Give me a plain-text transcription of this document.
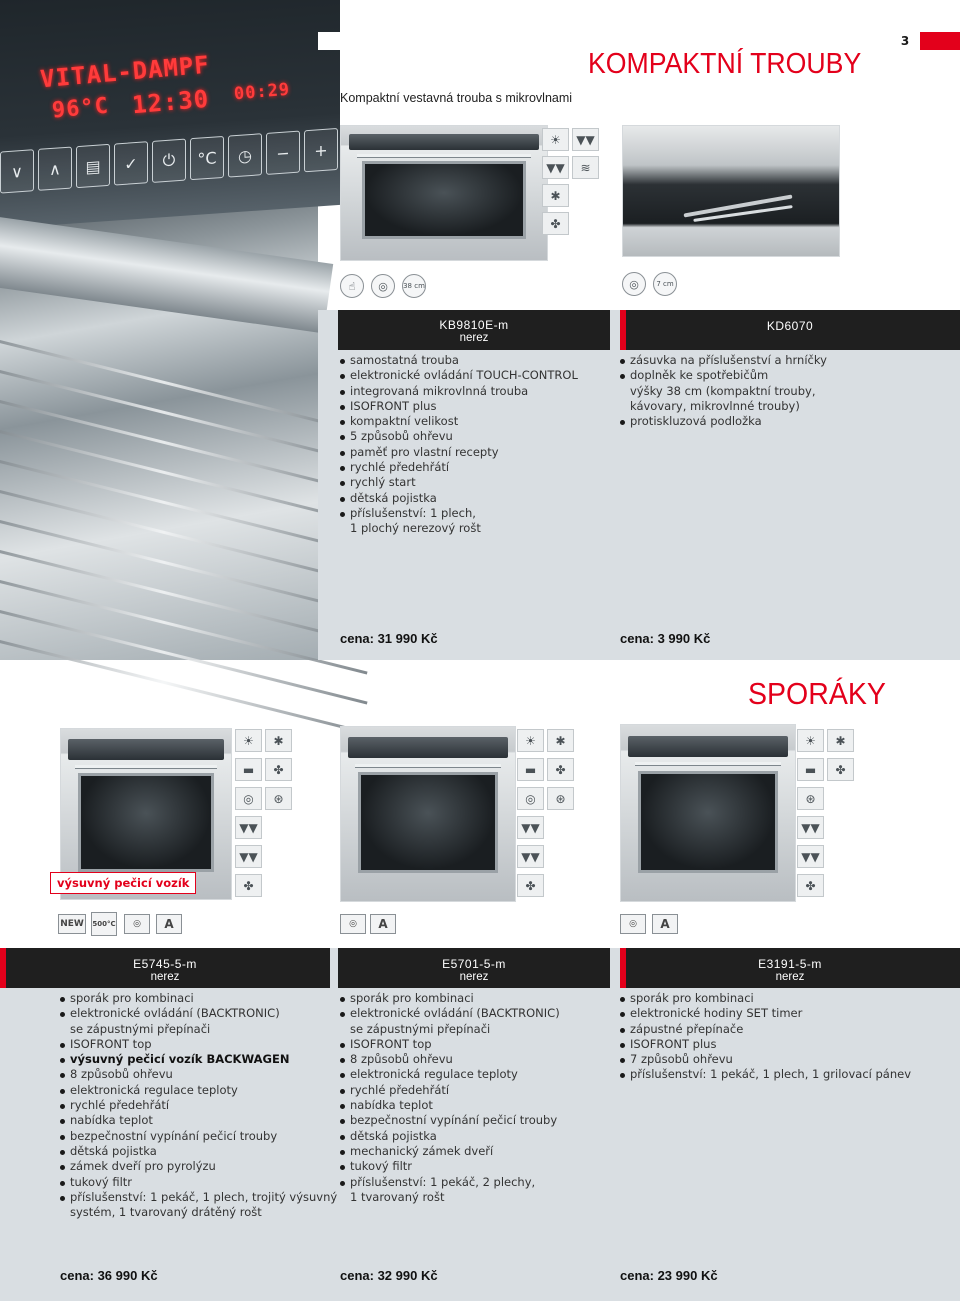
VITAL-DAMPF
96°C 12:30 00:29
∨	∧	▤	✓	⏻	°C	◷	−	+
3
KOMPAKTNÍ TROUBY
Kompaktní vestavná trouba s mikrovlnami
☀	▼▼
▼▼	≋
✱
✤
☝	◎	38 cm	◎	7 cm
KB9810E-m
nerez
KD6070
samostatná trouba
elektronické ovládání TOUCH-CONTROL
integrovaná mikrovlnná trouba
ISOFRONT plus
kompaktní velikost
5 způsobů ohřevu
paměť pro vlastní recepty
rychlé předehřátí
rychlý start
dětská pojistka
příslušenství: 1 plech,
1 plochý nerezový rošt
zásuvka na příslušenství a hrníčky
doplněk ke spotřebičům
výšky 38 cm (kompaktní trouby,
kávovary, mikrovlnné trouby)
protiskluzová podložka
cena: 31 990 Kč	cena: 3 990 Kč
SPORÁKY
výsuvný pečicí vozík
☀	✱
▬	✤
◎	⊛
▼▼
▼▼
✤
☀	✱
▬	✤
◎	⊛
▼▼
▼▼
✤
☀	✱
▬	✤
⊛
▼▼
▼▼
✤
NEW	500°C	◎	A	◎	A	◎	A
E5745-5-m
nerez
E5701-5-m
nerez
E3191-5-m
nerez
sporák pro kombinaci
elektronické ovládání (BACKTRONIC)
se zápustnými přepínači
ISOFRONT top
výsuvný pečicí vozík BACKWAGEN
8 způsobů ohřevu
elektronická regulace teploty
rychlé předehřátí
nabídka teplot
bezpečnostní vypínání pečicí trouby
dětská pojistka
zámek dveří pro pyrolýzu
tukový filtr
příslušenství: 1 pekáč, 1 plech, trojitý výsuvný
systém, 1 tvarovaný drátěný rošt
sporák pro kombinaci
elektronické ovládání (BACKTRONIC)
se zápustnými přepínači
ISOFRONT top
8 způsobů ohřevu
elektronická regulace teploty
rychlé předehřátí
nabídka teplot
bezpečnostní vypínání pečicí trouby
dětská pojistka
mechanický zámek dveří
tukový filtr
příslušenství: 1 pekáč, 2 plechy,
1 tvarovaný rošt
sporák pro kombinaci
elektronické hodiny SET timer
zápustné přepínače
ISOFRONT plus
7 způsobů ohřevu
příslušenství: 1 pekáč, 1 plech, 1 grilovací pánev
cena: 36 990 Kč	cena: 32 990 Kč	cena: 23 990 Kč
